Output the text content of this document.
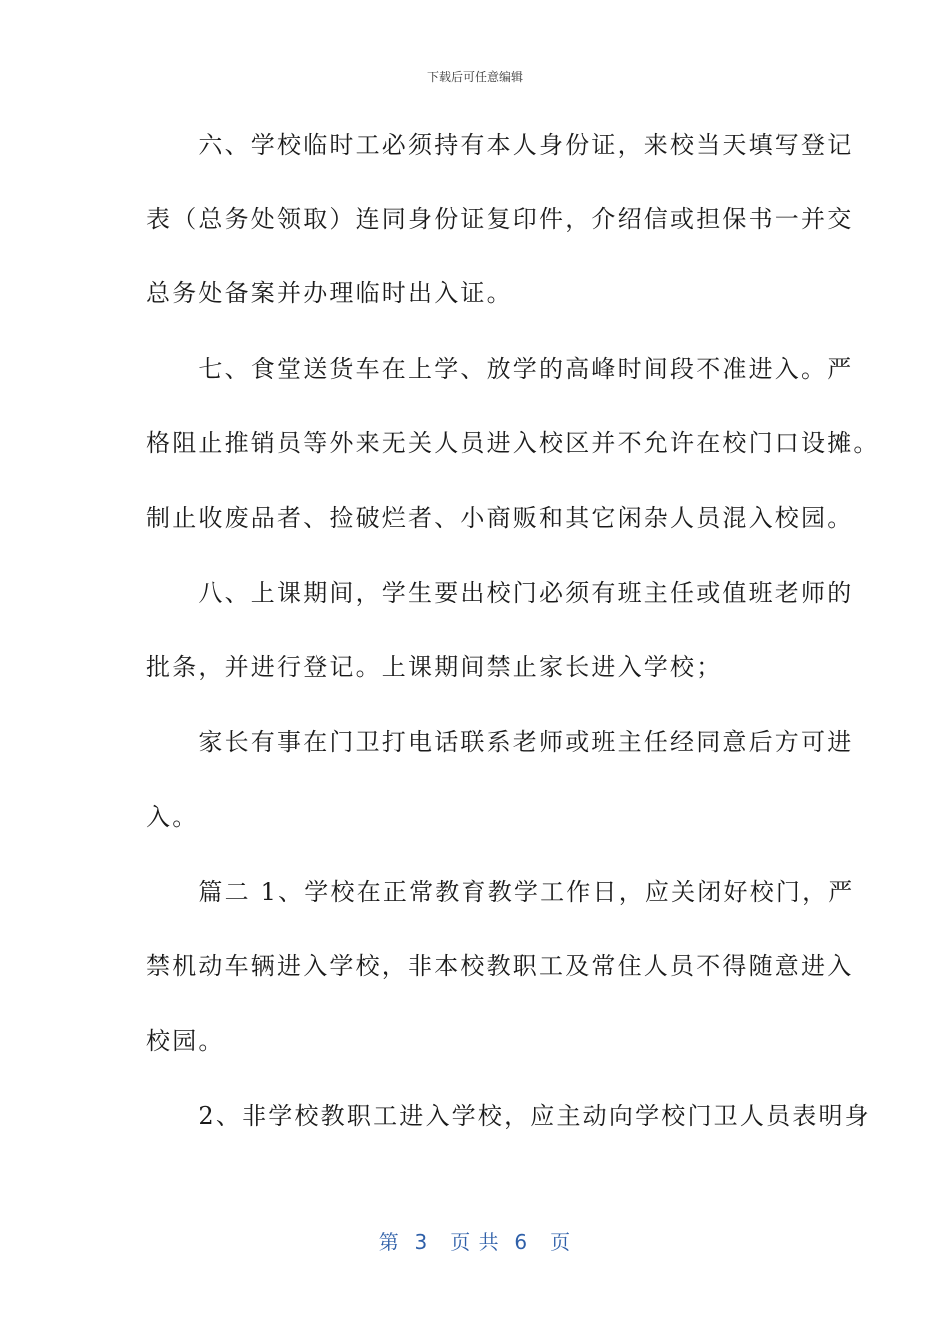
下载后可任意编辑
　　六、学校临时工必须持有本人身份证，来校当天填写登记
表（总务处领取）连同身份证复印件，介绍信或担保书一并交
总务处备案并办理临时出入证。
　　七、食堂送货车在上学、放学的高峰时间段不准进入。严
格阻止推销员等外来无关人员进入校区并不允许在校门口设摊。
制止收废品者、捡破烂者、小商贩和其它闲杂人员混入校园。
　　八、上课期间，学生要出校门必须有班主任或值班老师的
批条，并进行登记。上课期间禁止家长进入学校；
　　家长有事在门卫打电话联系老师或班主任经同意后方可进
入。
　　篇二 1、学校在正常教育教学工作日，应关闭好校门，严
禁机动车辆进入学校，非本校教职工及常住人员不得随意进入
校园。
　　2、非学校教职工进入学校，应主动向学校门卫人员表明身
第  3   页 共  6   页
